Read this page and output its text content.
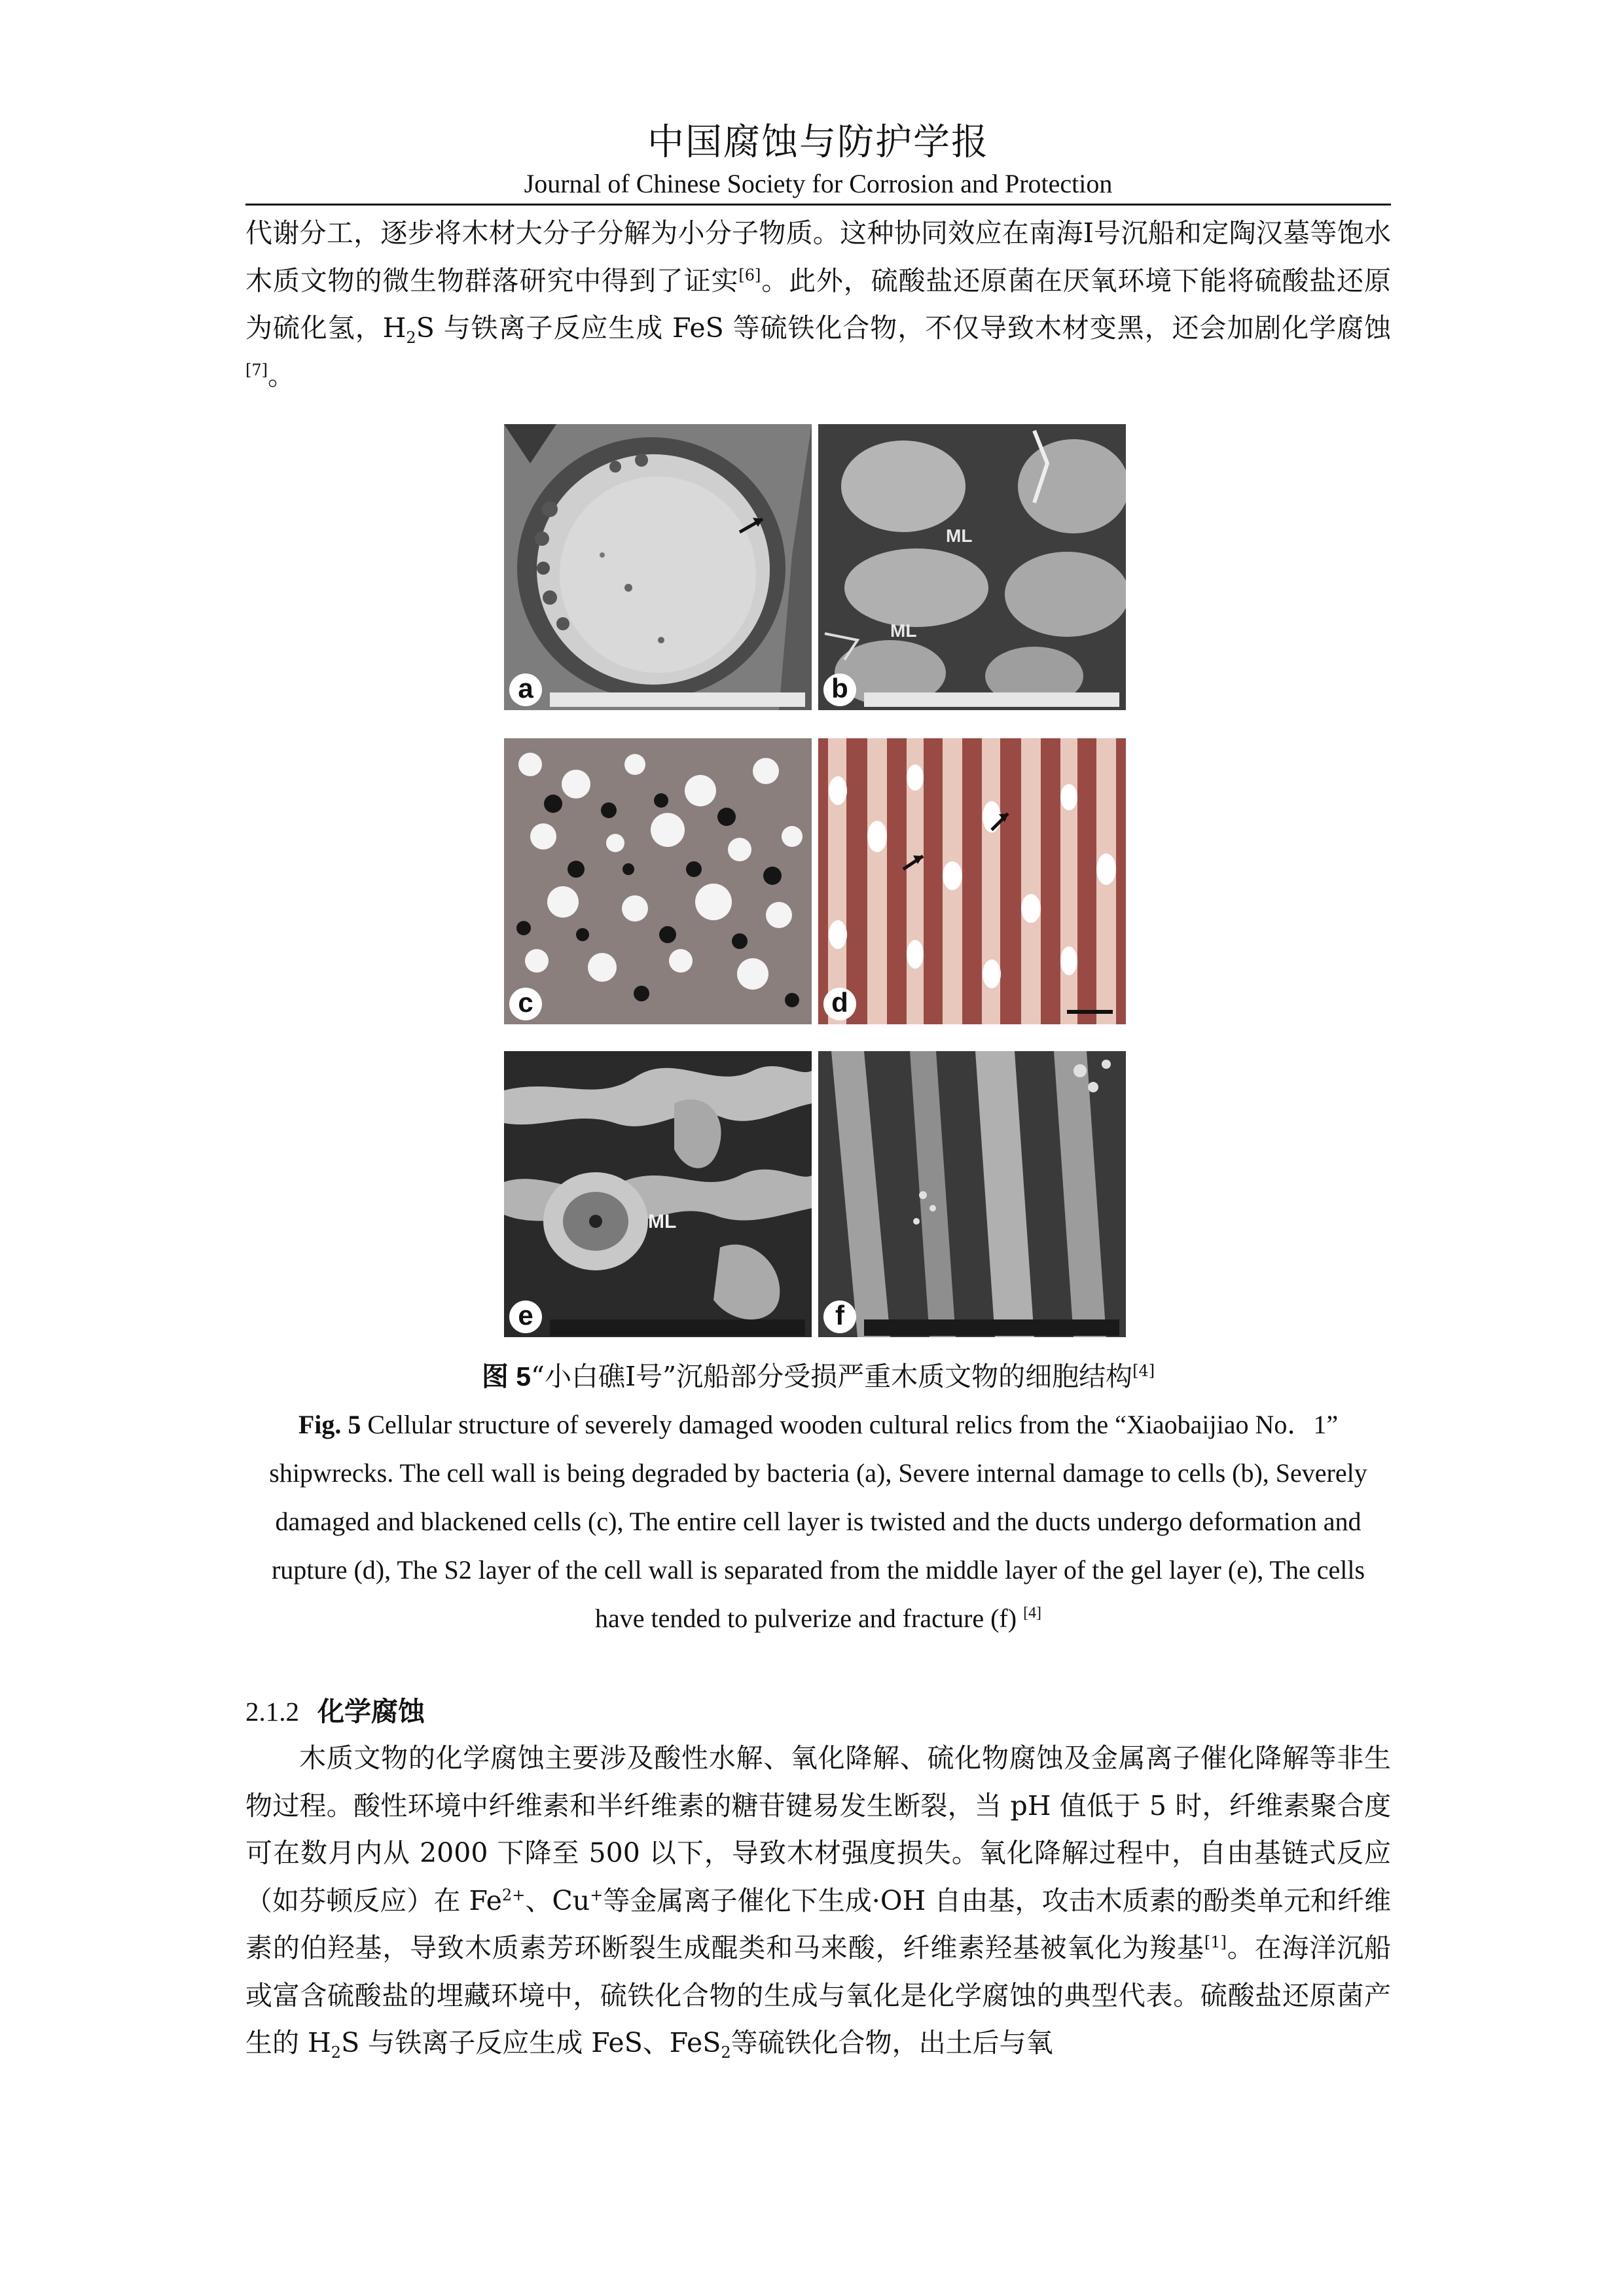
中国腐蚀与防护学报
Journal of Chinese Society for Corrosion and Protection

代谢分工，逐步将木材大分子分解为小分子物质。这种协同效应在南海I号沉船和定陶汉墓等饱水木质文物的微生物群落研究中得到了证实[6]。此外，硫酸盐还原菌在厌氧环境下能将硫酸盐还原为硫化氢，$H_2S$ 与铁离子反应生成 FeS 等硫铁化合物，不仅导致木材变黑，还会加剧化学腐蚀[7]。

a
ML
ML
b
c	d
ML
e	f
图 5“小白礁I号”沉船部分受损严重木质文物的细胞结构[4]
Fig. 5 Cellular structure of severely damaged wooden cultural relics from the “Xiaobaijiao No．1” shipwrecks. The cell wall is being degraded by bacteria (a), Severe internal damage to cells (b), Severely damaged and blackened cells (c), The entire cell layer is twisted and the ducts undergo deformation and rupture (d), The S2 layer of the cell wall is separated from the middle layer of the gel layer (e), The cells have tended to pulverize and fracture (f) [4]
2.1.2 化学腐蚀

木质文物的化学腐蚀主要涉及酸性水解、氧化降解、硫化物腐蚀及金属离子催化降解等非生物过程。酸性环境中纤维素和半纤维素的糖苷键易发生断裂，当 pH 值低于 5 时，纤维素聚合度可在数月内从 2000 下降至 500 以下，导致木材强度损失。氧化降解过程中，自由基链式反应（如芬顿反应）在 $Fe^{2+}$、Cu+等金属离子催化下生成·OH 自由基，攻击木质素的酚类单元和纤维素的伯羟基，导致木质素芳环断裂生成醌类和马来酸，纤维素羟基被氧化为羧基[1]。在海洋沉船或富含硫酸盐的埋藏环境中，硫铁化合物的生成与氧化是化学腐蚀的典型代表。硫酸盐还原菌产生的 $H_2S$ 与铁离子反应生成 FeS、FeS$_2$等硫铁化合物，出土后与氧
